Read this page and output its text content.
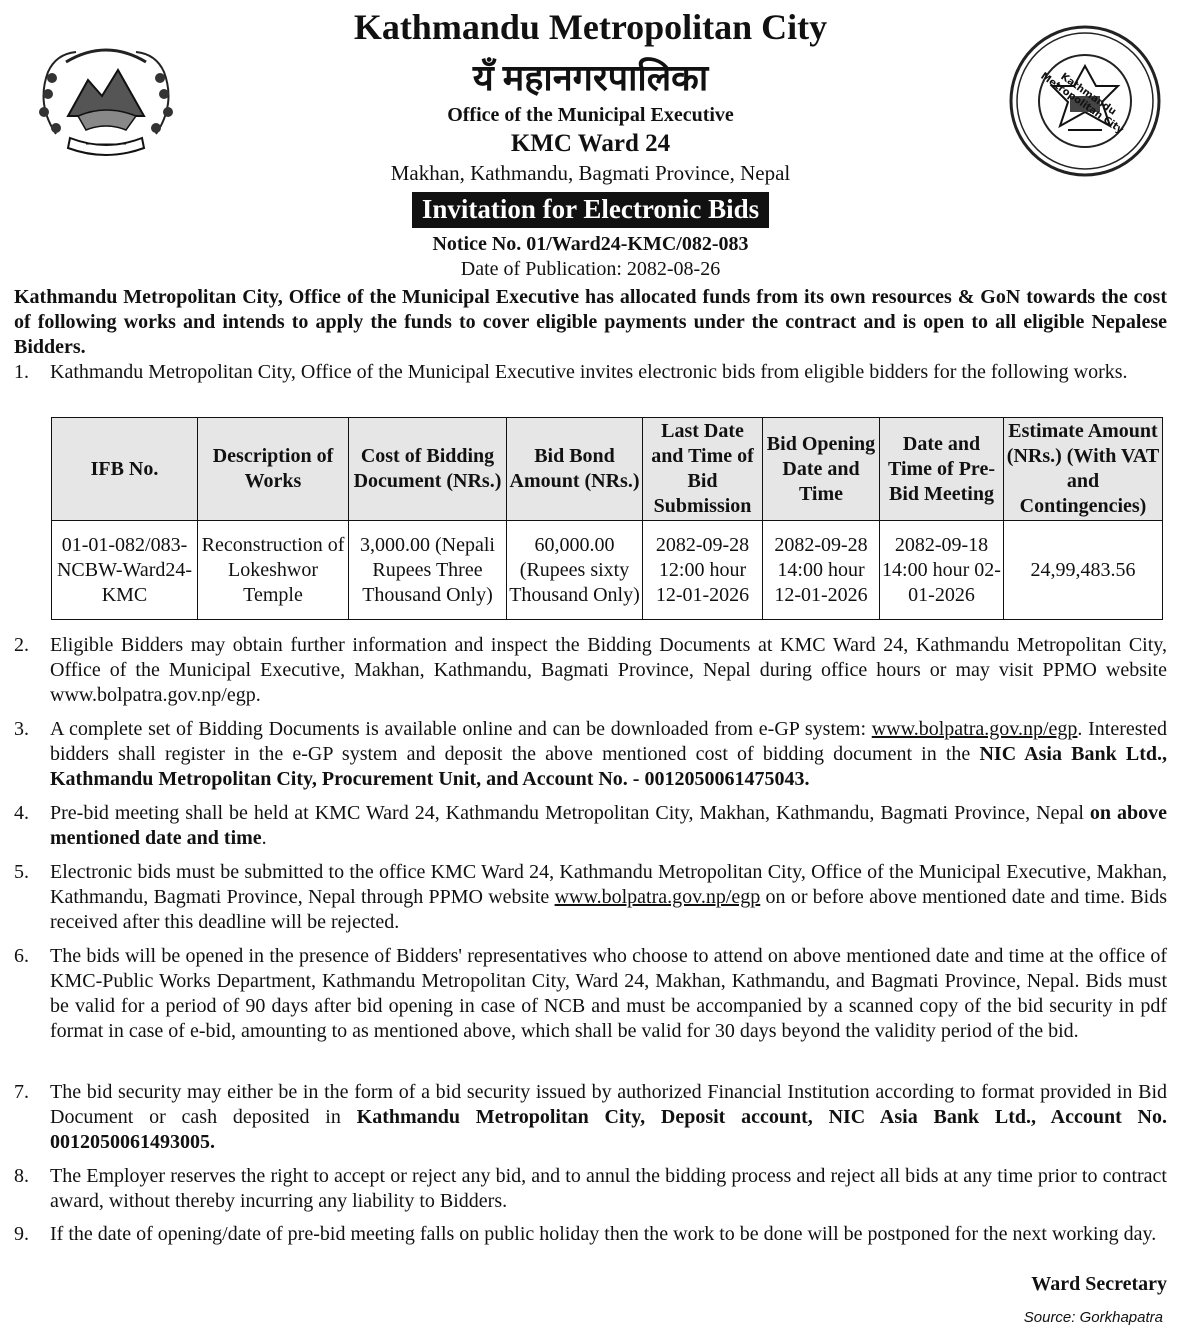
Kathmandu Metropolitan City
Kathmandu Metropolitan City
यँ महानगरपालिका
Office of the Municipal Executive
KMC Ward 24
Makhan, Kathmandu, Bagmati Province, Nepal
Invitation for Electronic Bids
Notice No. 01/Ward24-KMC/082-083
Date of Publication: 2082-08-26
Kathmandu Metropolitan City, Office of the Municipal Executive has allocated funds from its own resources & GoN towards the cost of following works and intends to apply the funds to cover eligible payments under the contract and is open to all eligible Nepalese Bidders.
1.	Kathmandu Metropolitan City, Office of the Municipal Executive invites electronic bids from eligible bidders for the following works.
IFB No.	Description of Works	Cost of Bidding Document (NRs.)	Bid Bond Amount (NRs.)	Last Date and Time of Bid Submission	Bid Opening Date and Time	Date and Time of Pre-Bid Meeting	Estimate Amount (NRs.) (With VAT and Contingencies)
01-01-082/083-NCBW-Ward24-KMC	Reconstruction of Lokeshwor Temple	3,000.00 (Nepali Rupees Three Thousand Only)	60,000.00 (Rupees sixty Thousand Only)	2082-09-28 12:00 hour 12-01-2026	2082-09-28 14:00 hour 12-01-2026	2082-09-18 14:00 hour 02-01-2026	24,99,483.56
2.	Eligible Bidders may obtain further information and inspect the Bidding Documents at KMC Ward 24, Kathmandu Metropolitan City, Office of the Municipal Executive, Makhan, Kathmandu, Bagmati Province, Nepal during office hours or may visit PPMO website www.bolpatra.gov.np/egp.
3.	A complete set of Bidding Documents is available online and can be downloaded from e-GP system: www.bolpatra.gov.np/egp. Interested bidders shall register in the e-GP system and deposit the above mentioned cost of bidding document in the NIC Asia Bank Ltd., Kathmandu Metropolitan City, Procurement Unit, and Account No. - 0012050061475043.
4.	Pre-bid meeting shall be held at KMC Ward 24, Kathmandu Metropolitan City, Makhan, Kathmandu, Bagmati Province, Nepal on above mentioned date and time.
5.	Electronic bids must be submitted to the office KMC Ward 24, Kathmandu Metropolitan City, Office of the Municipal Executive, Makhan, Kathmandu, Bagmati Province, Nepal through PPMO website www.bolpatra.gov.np/egp on or before above mentioned date and time. Bids received after this deadline will be rejected.
6.	The bids will be opened in the presence of Bidders' representatives who choose to attend on above mentioned date and time at the office of KMC-Public Works Department, Kathmandu Metropolitan City, Ward 24, Makhan, Kathmandu, and Bagmati Province, Nepal. Bids must be valid for a period of 90 days after bid opening in case of NCB and must be accompanied by a scanned copy of the bid security in pdf format in case of e-bid, amounting to as mentioned above, which shall be valid for 30 days beyond the validity period of the bid.
7.	The bid security may either be in the form of a bid security issued by authorized Financial Institution according to format provided in Bid Document or cash deposited in Kathmandu Metropolitan City, Deposit account, NIC Asia Bank Ltd., Account No. 0012050061493005.
8.	The Employer reserves the right to accept or reject any bid, and to annul the bidding process and reject all bids at any time prior to contract award, without thereby incurring any liability to Bidders.
9.	If the date of opening/date of pre-bid meeting falls on public holiday then the work to be done will be postponed for the next working day.
Ward Secretary
Source: Gorkhapatra
